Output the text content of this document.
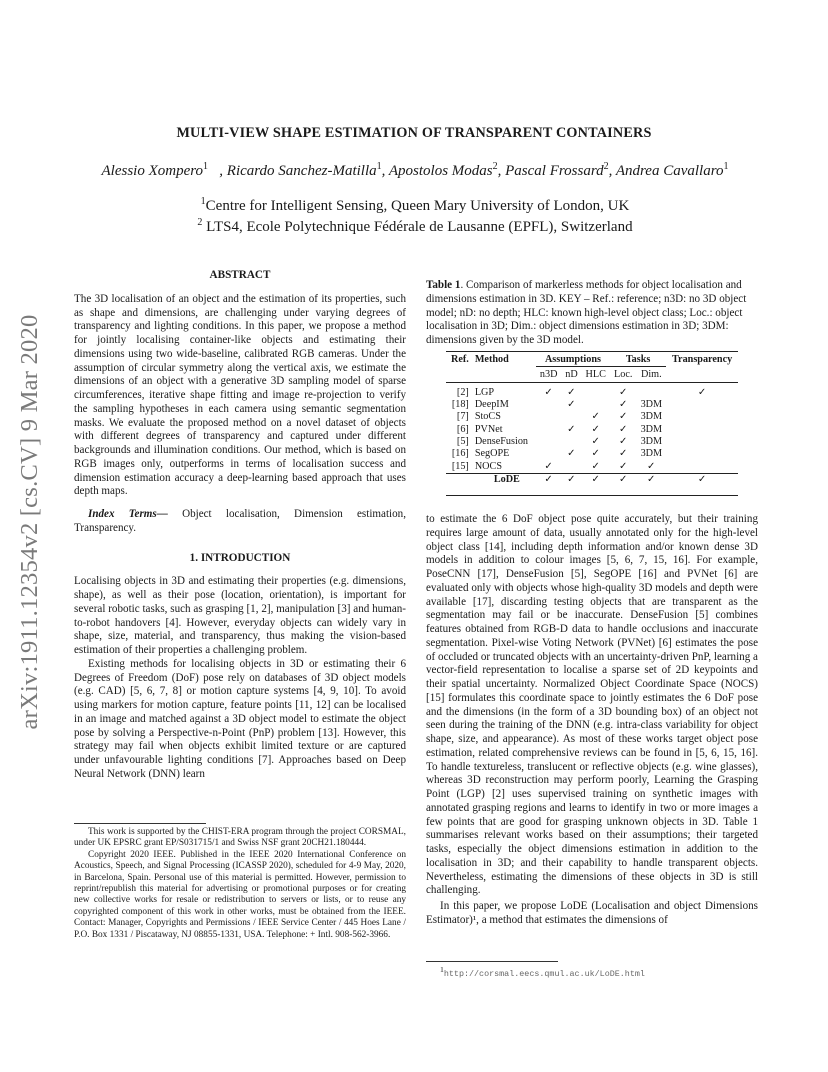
arXiv:1911.12354v2 [cs.CV] 9 Mar 2020
MULTI-VIEW SHAPE ESTIMATION OF TRANSPARENT CONTAINERS
Alessio Xompero$^1$   , Ricardo Sanchez-Matilla$^1$, Apostolos Modas$^2$, Pascal Frossard$^2$, Andrea Cavallaro$^1$
$^1$Centre for Intelligent Sensing, Queen Mary University of London, UK
$^2$ LTS4, Ecole Polytechnique Fédérale de Lausanne (EPFL), Switzerland
ABSTRACT

The 3D localisation of an object and the estimation of its properties, such as shape and dimensions, are challenging under varying degrees of transparency and lighting conditions. In this paper, we propose a method for jointly localising container-like objects and estimating their dimensions using two wide-baseline, calibrated RGB cameras. Under the assumption of circular symmetry along the vertical axis, we estimate the dimensions of an object with a generative 3D sampling model of sparse circumferences, iterative shape fitting and image re-projection to verify the sampling hypotheses in each camera using semantic segmentation masks. We evaluate the proposed method on a novel dataset of objects with different degrees of transparency and captured under different backgrounds and illumination conditions. Our method, which is based on RGB images only, outperforms in terms of localisation success and dimension estimation accuracy a deep-learning based approach that uses depth maps.

Index Terms— Object localisation, Dimension estimation, Transparency.

1. INTRODUCTION

Localising objects in 3D and estimating their properties (e.g. dimensions, shape), as well as their pose (location, orientation), is important for several robotic tasks, such as grasping [1, 2], manipulation [3] and human-to-robot handovers [4]. However, everyday objects can widely vary in shape, size, material, and transparency, thus making the vision-based estimation of their properties a challenging problem.

Existing methods for localising objects in 3D or estimating their 6 Degrees of Freedom (DoF) pose rely on databases of 3D object models (e.g. CAD) [5, 6, 7, 8] or motion capture systems [4, 9, 10]. To avoid using markers for motion capture, feature points [11, 12] can be localised in an image and matched against a 3D object model to estimate the object pose by solving a Perspective-n-Point (PnP) problem [13]. However, this strategy may fail when objects exhibit limited texture or are captured under unfavourable lighting conditions [7]. Approaches based on Deep Neural Network (DNN) learn

This work is supported by the CHIST-ERA program through the project CORSMAL, under UK EPSRC grant EP/S031715/1 and Swiss NSF grant 20CH21.180444.

Copyright 2020 IEEE. Published in the IEEE 2020 International Conference on Acoustics, Speech, and Signal Processing (ICASSP 2020), scheduled for 4-9 May, 2020, in Barcelona, Spain. Personal use of this material is permitted. However, permission to reprint/republish this material for advertising or promotional purposes or for creating new collective works for resale or redistribution to servers or lists, or to reuse any copyrighted component of this work in other works, must be obtained from the IEEE. Contact: Manager, Copyrights and Permissions / IEEE Service Center / 445 Hoes Lane / P.O. Box 1331 / Piscataway, NJ 08855-1331, USA. Telephone: + Intl. 908-562-3966.

Table 1. Comparison of markerless methods for object localisation and dimensions estimation in 3D. KEY – Ref.: reference; n3D: no 3D object model; nD: no depth; HLC: known high-level object class; Loc.: object localisation in 3D; Dim.: object dimensions estimation in 3D; 3DM: dimensions given by the 3D model.

Ref.	Method	Assumptions			Tasks		Transparency
		n3D	nD	HLC	Loc.	Dim.	

[2]	LGP	✓	✓		✓		✓
[18]	DeepIM		✓		✓	3DM	
[7]	StoCS			✓	✓	3DM	
[6]	PVNet		✓	✓	✓	3DM	
[5]	DenseFusion			✓	✓	3DM	
[16]	SegOPE		✓	✓	✓	3DM	
[15]	NOCS	✓		✓	✓	✓	
	LoDE	✓	✓	✓	✓	✓	✓

to estimate the 6 DoF object pose quite accurately, but their training requires large amount of data, usually annotated only for the high-level object class [14], including depth information and/or known dense 3D models in addition to colour images [5, 6, 7, 15, 16]. For example, PoseCNN [17], DenseFusion [5], SegOPE [16] and PVNet [6] are evaluated only with objects whose high-quality 3D models and depth were available [17], discarding testing objects that are transparent as the segmentation may fail or be inaccurate. DenseFusion [5] combines features obtained from RGB-D data to handle occlusions and inaccurate segmentation. Pixel-wise Voting Network (PVNet) [6] estimates the pose of occluded or truncated objects with an uncertainty-driven PnP, learning a vector-field representation to localise a sparse set of 2D keypoints and their spatial uncertainty. Normalized Object Coordinate Space (NOCS) [15] formulates this coordinate space to jointly estimates the 6 DoF pose and the dimensions (in the form of a 3D bounding box) of an object not seen during the training of the DNN (e.g. intra-class variability for object shape, size, and appearance). As most of these works target object pose estimation, related comprehensive reviews can be found in [5, 6, 15, 16]. To handle textureless, translucent or reflective objects (e.g. wine glasses), whereas 3D reconstruction may perform poorly, Learning the Grasping Point (LGP) [2] uses supervised training on synthetic images with annotated grasping regions and learns to identify in two or more images a few points that are good for grasping unknown objects in 3D. Table 1 summarises relevant works based on their assumptions; their targeted tasks, especially the object dimensions estimation in addition to the localisation in 3D; and their capability to handle transparent objects. Nevertheless, estimating the dimensions of these objects in 3D is still challenging.

In this paper, we propose LoDE (Localisation and object Dimensions Estimator)¹, a method that estimates the dimensions of

$^1$http://corsmal.eecs.qmul.ac.uk/LoDE.html
